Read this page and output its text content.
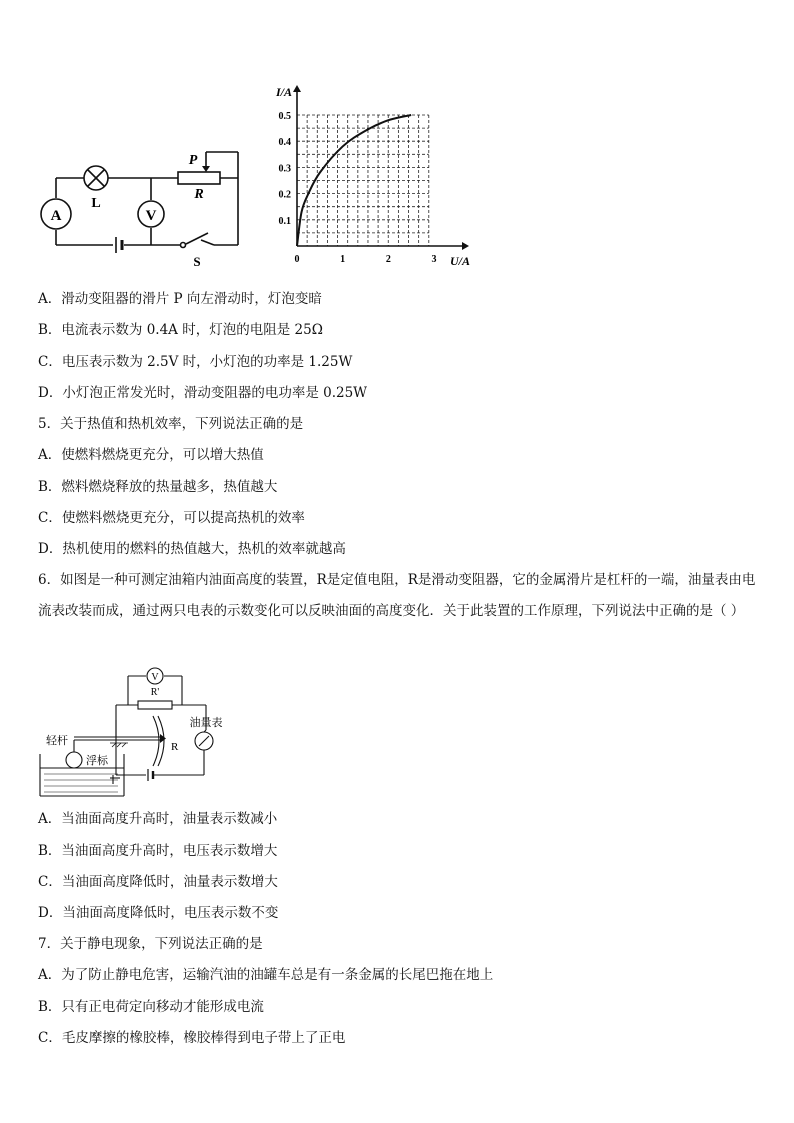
A
L
V
P
R
S
0.5
0.4
0.3
0.2
0.1
0	1	2	3
I/A
U/A
A．滑动变阻器的滑片 P 向左滑动时，灯泡变暗
B．电流表示数为 0.4A 时，灯泡的电阻是 25Ω
C．电压表示数为 2.5V 时，小灯泡的功率是 1.25W
D．小灯泡正常发光时，滑动变阻器的电功率是 0.25W
5．关于热值和热机效率，下列说法正确的是
A．使燃料燃烧更充分，可以增大热值
B．燃料燃烧释放的热量越多，热值越大
C．使燃料燃烧更充分，可以提高热机的效率
D．热机使用的燃料的热值越大，热机的效率就越高
6．如图是一种可测定油箱内油面高度的装置，R是定值电阻，R是滑动变阻器，它的金属滑片是杠杆的一端，油量表由电流表改装而成，通过两只电表的示数变化可以反映油面的高度变化．关于此装置的工作原理，下列说法中正确的是（ ）
V
R'
R
油量表
轻杆
浮标
A．当油面高度升高时，油量表示数减小
B．当油面高度升高时，电压表示数增大
C．当油面高度降低时，油量表示数增大
D．当油面高度降低时，电压表示数不变
7．关于静电现象，下列说法正确的是
A．为了防止静电危害，运输汽油的油罐车总是有一条金属的长尾巴拖在地上
B．只有正电荷定向移动才能形成电流
C．毛皮摩擦的橡胶棒，橡胶棒得到电子带上了正电
